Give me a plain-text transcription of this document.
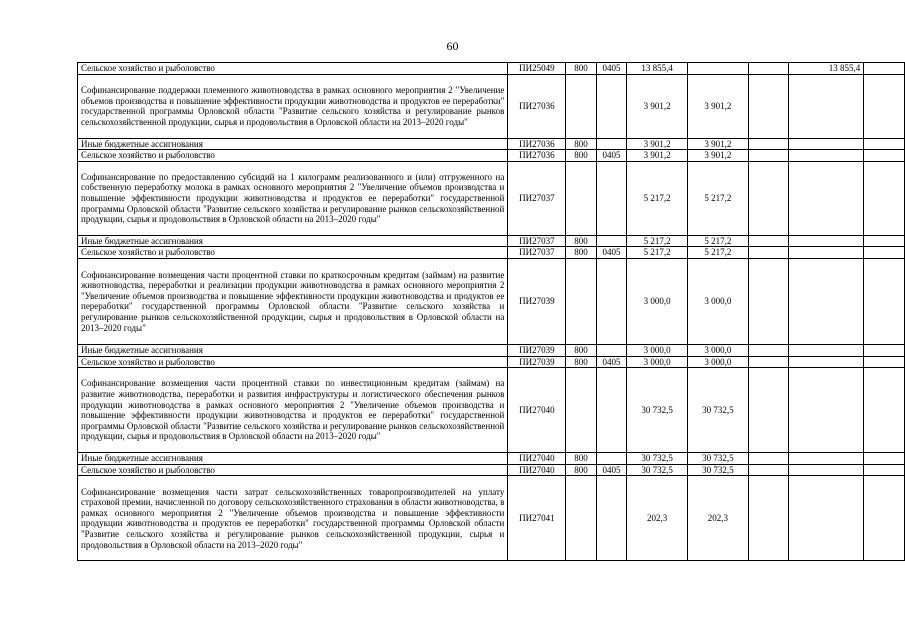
60
Сельское хозяйство и рыболовство	ПИ25049	800	0405	13 855,4			13 855,4	
Софинансирование поддержки племенного животноводства в рамках основного мероприятия 2 "Увеличение объемов производства и повышение эффективности продукции животноводства и продуктов ее переработки" государственной программы Орловской области "Развитие сельского хозяйства и регулирование рынков сельскохозяйственной продукции, сырья и продовольствия в Орловской области на 2013–2020 годы"	ПИ27036			3 901,2	3 901,2			
Иные бюджетные ассигнования	ПИ27036	800		3 901,2	3 901,2			
Сельское хозяйство и рыболовство	ПИ27036	800	0405	3 901,2	3 901,2			
Софинансирование по предоставлению субсидий на 1 килограмм реализованного и (или) отгруженного на собственную переработку молока в рамках основного мероприятия 2 "Увеличение объемов производства и повышение эффективности продукции животноводства и продуктов ее переработки" государственной программы Орловской области "Развитие сельского хозяйства и регулирование рынков сельскохозяйственной продукции, сырья и продовольствия в Орловской области на 2013–2020 годы"	ПИ27037			5 217,2	5 217,2			
Иные бюджетные ассигнования	ПИ27037	800		5 217,2	5 217,2			
Сельское хозяйство и рыболовство	ПИ27037	800	0405	5 217,2	5 217,2			
Софинансирование возмещения части процентной ставки по краткосрочным кредитам (займам) на развитие животноводства, переработки и реализации продукции животноводства в рамках основного мероприятия 2 "Увеличение объемов производства и повышение эффективности продукции животноводства и продуктов ее переработки" государственной программы Орловской области "Развитие сельского хозяйства и регулирование рынков сельскохозяйственной продукции, сырья и продовольствия в Орловской области на 2013–2020 годы"	ПИ27039			3 000,0	3 000,0			
Иные бюджетные ассигнования	ПИ27039	800		3 000,0	3 000,0			
Сельское хозяйство и рыболовство	ПИ27039	800	0405	3 000,0	3 000,0			
Софинансирование возмещения части процентной ставки по инвестиционным кредитам (займам) на развитие животноводства, переработки и развития инфраструктуры и логистического обеспечения рынков продукции животноводства в рамках основного мероприятия 2 "Увеличение объемов производства и повышение эффективности продукции животноводства и продуктов ее переработки" государственной программы Орловской области "Развитие сельского хозяйства и регулирование рынков сельскохозяйственной продукции, сырья и продовольствия в Орловской области на 2013–2020 годы"	ПИ27040			30 732,5	30 732,5			
Иные бюджетные ассигнования	ПИ27040	800		30 732,5	30 732,5			
Сельское хозяйство и рыболовство	ПИ27040	800	0405	30 732,5	30 732,5			
Софинансирование возмещения части затрат сельскохозяйственных товаропроизводителей на уплату страховой премии, начисленной по договору сельскохозяйственного страхования в области животноводства, в рамках основного мероприятия 2 "Увеличение объемов производства и повышение эффективности продукции животноводства и продуктов ее переработки" государственной программы Орловской области "Развитие сельского хозяйства и регулирование рынков сельскохозяйственной продукции, сырья и продовольствия в Орловской области на 2013–2020 годы"	ПИ27041			202,3	202,3			
